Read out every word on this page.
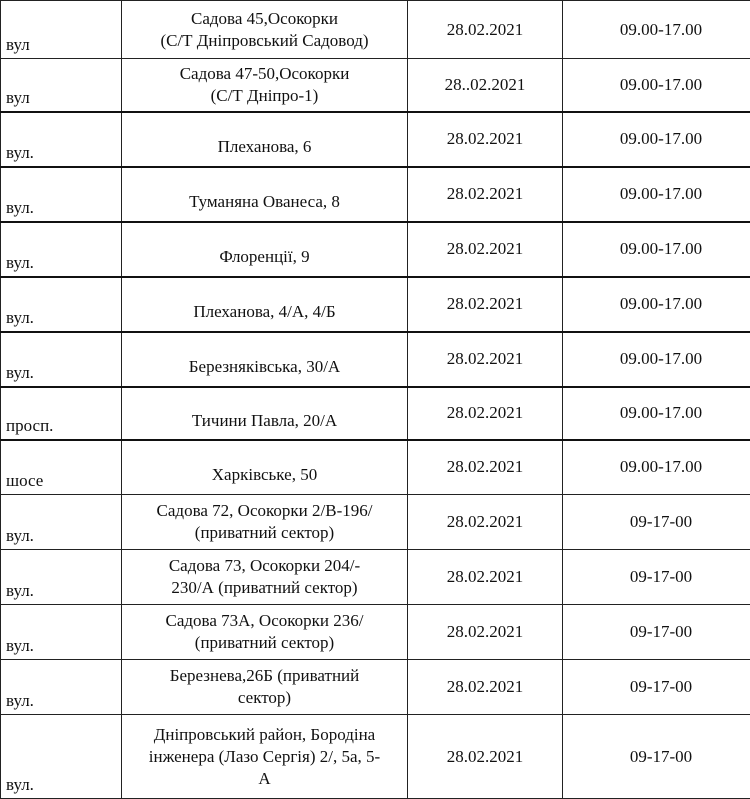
вул	Садова 45,Осокорки
(С/Т Дніпровський Садовод)	28.02.2021	09.00-17.00
вул	Садова 47-50,Осокорки
(С/Т Дніпро-1)	28..02.2021	09.00-17.00
вул.	Плеханова, 6	28.02.2021	09.00-17.00
вул.	Туманяна Ованеса, 8	28.02.2021	09.00-17.00
вул.	Флоренції, 9	28.02.2021	09.00-17.00
вул.	Плеханова, 4/А, 4/Б	28.02.2021	09.00-17.00
вул.	Березняківська, 30/А	28.02.2021	09.00-17.00
просп.	Тичини Павла, 20/А	28.02.2021	09.00-17.00
шосе	Харківське, 50	28.02.2021	09.00-17.00
вул.	Садова 72, Осокорки 2/В-196/
(приватний сектор)	28.02.2021	09-17-00
вул.	Садова 73, Осокорки 204/-
230/А (приватний сектор)	28.02.2021	09-17-00
вул.	Садова 73А, Осокорки 236/
(приватний сектор)	28.02.2021	09-17-00
вул.	Березнева,26Б (приватний
сектор)	28.02.2021	09-17-00
вул.	Дніпровський район, Бородіна
інженера (Лазо Сергія) 2/, 5а, 5-
А	28.02.2021	09-17-00
